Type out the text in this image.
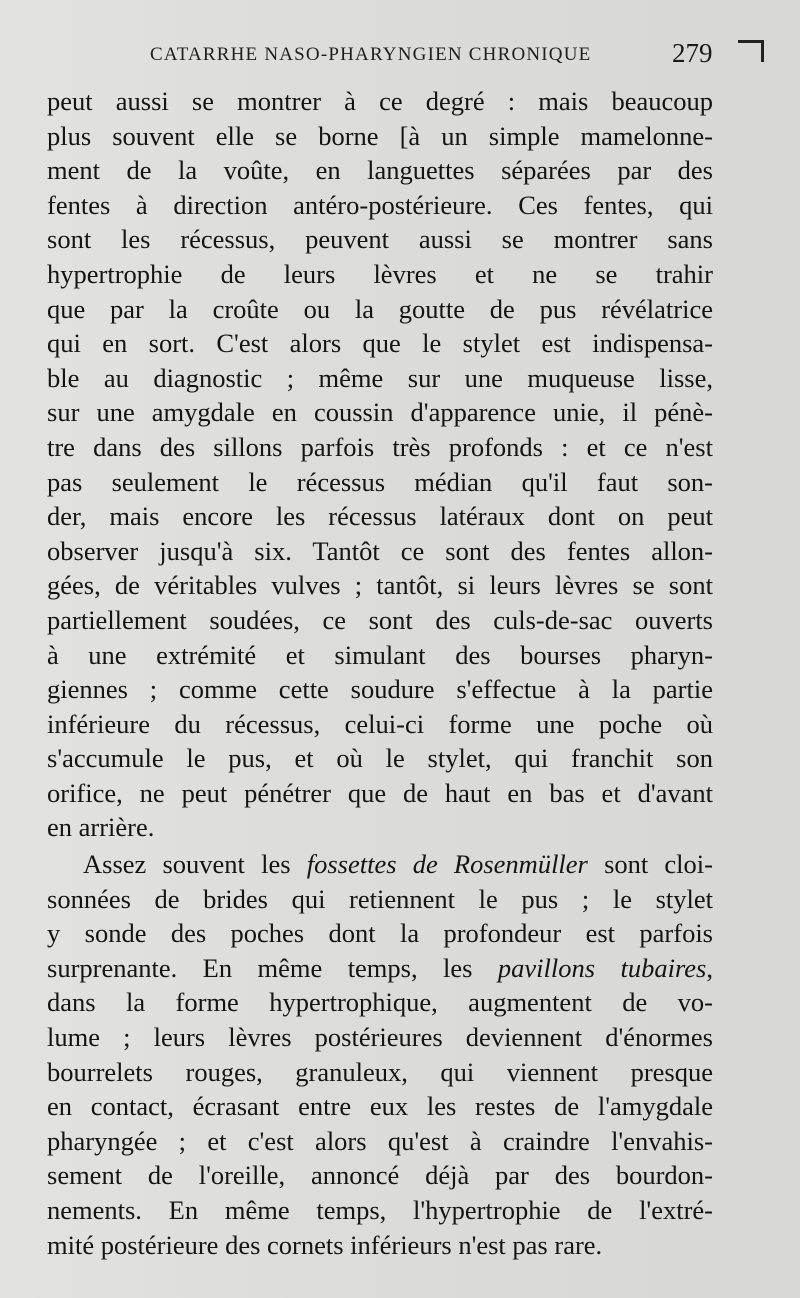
CATARRHE NASO-PHARYNGIEN CHRONIQUE	279
peut aussi se montrer à ce degré : mais beaucoup
plus souvent elle se borne [à un simple mamelonne-
ment de la voûte, en languettes séparées par des
fentes à direction antéro-postérieure. Ces fentes, qui
sont les récessus, peuvent aussi se montrer sans
hypertrophie de leurs lèvres et ne se trahir
que par la croûte ou la goutte de pus révélatrice
qui en sort. C'est alors que le stylet est indispensa-
ble au diagnostic ; même sur une muqueuse lisse,
sur une amygdale en coussin d'apparence unie, il pénè-
tre dans des sillons parfois très profonds : et ce n'est
pas seulement le récessus médian qu'il faut son-
der, mais encore les récessus latéraux dont on peut
observer jusqu'à six. Tantôt ce sont des fentes allon-
gées, de véritables vulves ; tantôt, si leurs lèvres se sont
partiellement soudées, ce sont des culs-de-sac ouverts
à une extrémité et simulant des bourses pharyn-
giennes ; comme cette soudure s'effectue à la partie
inférieure du récessus, celui-ci forme une poche où
s'accumule le pus, et où le stylet, qui franchit son
orifice, ne peut pénétrer que de haut en bas et d'avant
en arrière.
Assez souvent les fossettes de Rosenmüller sont cloi-
sonnées de brides qui retiennent le pus ; le stylet
y sonde des poches dont la profondeur est parfois
surprenante. En même temps, les pavillons tubaires,
dans la forme hypertrophique, augmentent de vo-
lume ; leurs lèvres postérieures deviennent d'énormes
bourrelets rouges, granuleux, qui viennent presque
en contact, écrasant entre eux les restes de l'amygdale
pharyngée ; et c'est alors qu'est à craindre l'envahis-
sement de l'oreille, annoncé déjà par des bourdon-
nements. En même temps, l'hypertrophie de l'extré-
mité postérieure des cornets inférieurs n'est pas rare.
